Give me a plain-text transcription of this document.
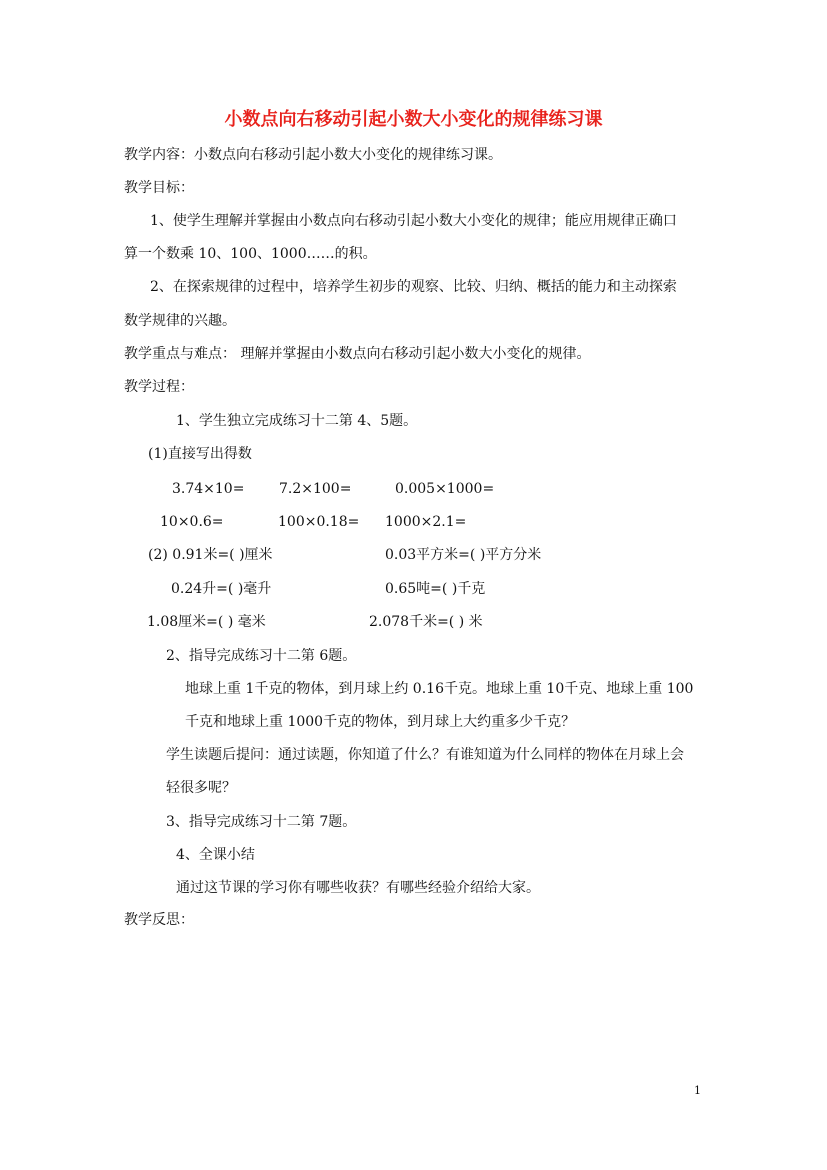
小数点向右移动引起小数大小变化的规律练习课
教学内容：小数点向右移动引起小数大小变化的规律练习课。
教学目标：
1、使学生理解并掌握由小数点向右移动引起小数大小变化的规律；能应用规律正确口
算一个数乘 10、100、1000……的积。
2、在探索规律的过程中，培养学生初步的观察、比较、归纳、概括的能力和主动探索
数学规律的兴趣。
教学重点与难点： 理解并掌握由小数点向右移动引起小数大小变化的规律。
教学过程：
1、学生独立完成练习十二第 4、5题。
(1)直接写出得数
3.74×10= 7.2×100=	0.005×1000=
10×0.6=	100×0.18= 1000×2.1=
(2) 0.91米=( )厘米	0.03平方米=( )平方分米
0.24升=( )毫升	0.65吨=( )千克
1.08厘米=( ) 毫米	2.078千米=( ) 米
2、指导完成练习十二第 6题。
地球上重 1千克的物体，到月球上约 0.16千克。地球上重 10千克、地球上重 100
千克和地球上重 1000千克的物体，到月球上大约重多少千克？
学生读题后提问：通过读题，你知道了什么？有谁知道为什么同样的物体在月球上会
轻很多呢？
3、指导完成练习十二第 7题。
4、全课小结
通过这节课的学习你有哪些收获？有哪些经验介绍给大家。
教学反思：
1
